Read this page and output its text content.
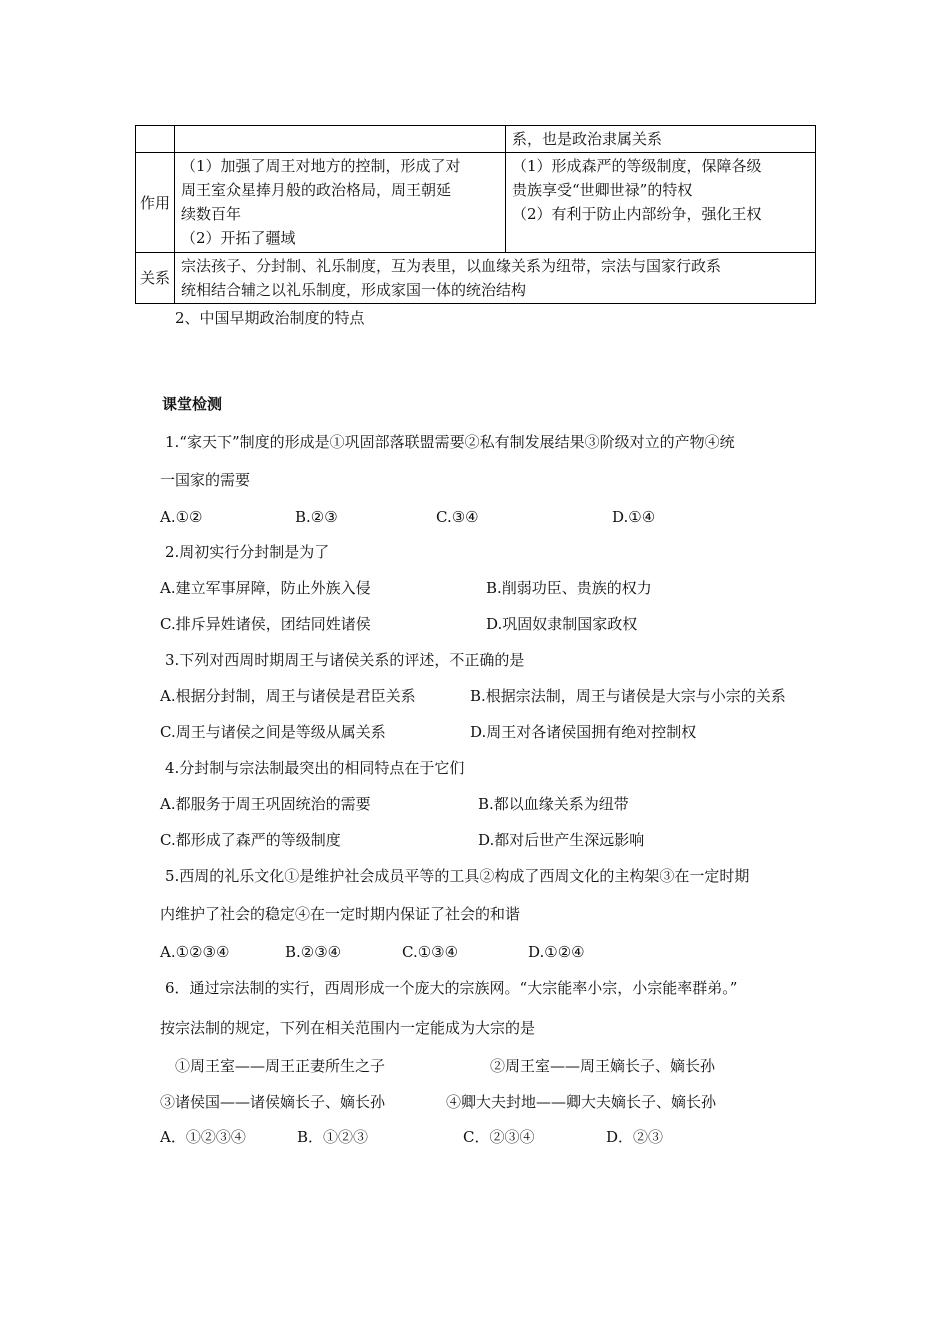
		系，也是政治隶属关系

作用	（1）加强了周王对地方的控制，形成了对
周王室众星捧月般的政治格局，周王朝延
续数百年
（2）开拓了疆域	（1）形成森严的等级制度，保障各级
贵族享受“世卿世禄”的特权
（2）有利于防止内部纷争，强化王权

关系	宗法孩子、分封制、礼乐制度，互为表里，以血缘关系为纽带，宗法与国家行政系
统相结合辅之以礼乐制度，形成家国一体的统治结构	
2、中国早期政治制度的特点
课堂检测
1.“家天下”制度的形成是①巩固部落联盟需要②私有制发展结果③阶级对立的产物④统
一国家的需要
A.①②	B.②③	C.③④	D.①④
2.周初实行分封制是为了
A.建立军事屏障，防止外族入侵	B.削弱功臣、贵族的权力
C.排斥异姓诸侯，团结同姓诸侯	D.巩固奴隶制国家政权
3.下列对西周时期周王与诸侯关系的评述，不正确的是
A.根据分封制，周王与诸侯是君臣关系	B.根据宗法制，周王与诸侯是大宗与小宗的关系
C.周王与诸侯之间是等级从属关系	D.周王对各诸侯国拥有绝对控制权
4.分封制与宗法制最突出的相同特点在于它们
A.都服务于周王巩固统治的需要	B.都以血缘关系为纽带
C.都形成了森严的等级制度	D.都对后世产生深远影响
5.西周的礼乐文化①是维护社会成员平等的工具②构成了西周文化的主构架③在一定时期
内维护了社会的稳定④在一定时期内保证了社会的和谐
A.①②③④	B.②③④	C.①③④	D.①②④
6．通过宗法制的实行，西周形成一个庞大的宗族网。“大宗能率小宗，小宗能率群弟。”
按宗法制的规定，下列在相关范围内一定能成为大宗的是
①周王室——周王正妻所生之子	②周王室——周王嫡长子、嫡长孙
③诸侯国——诸侯嫡长子、嫡长孙	④卿大夫封地——卿大夫嫡长子、嫡长孙
A．①②③④	B．①②③	C．②③④	D．②③
